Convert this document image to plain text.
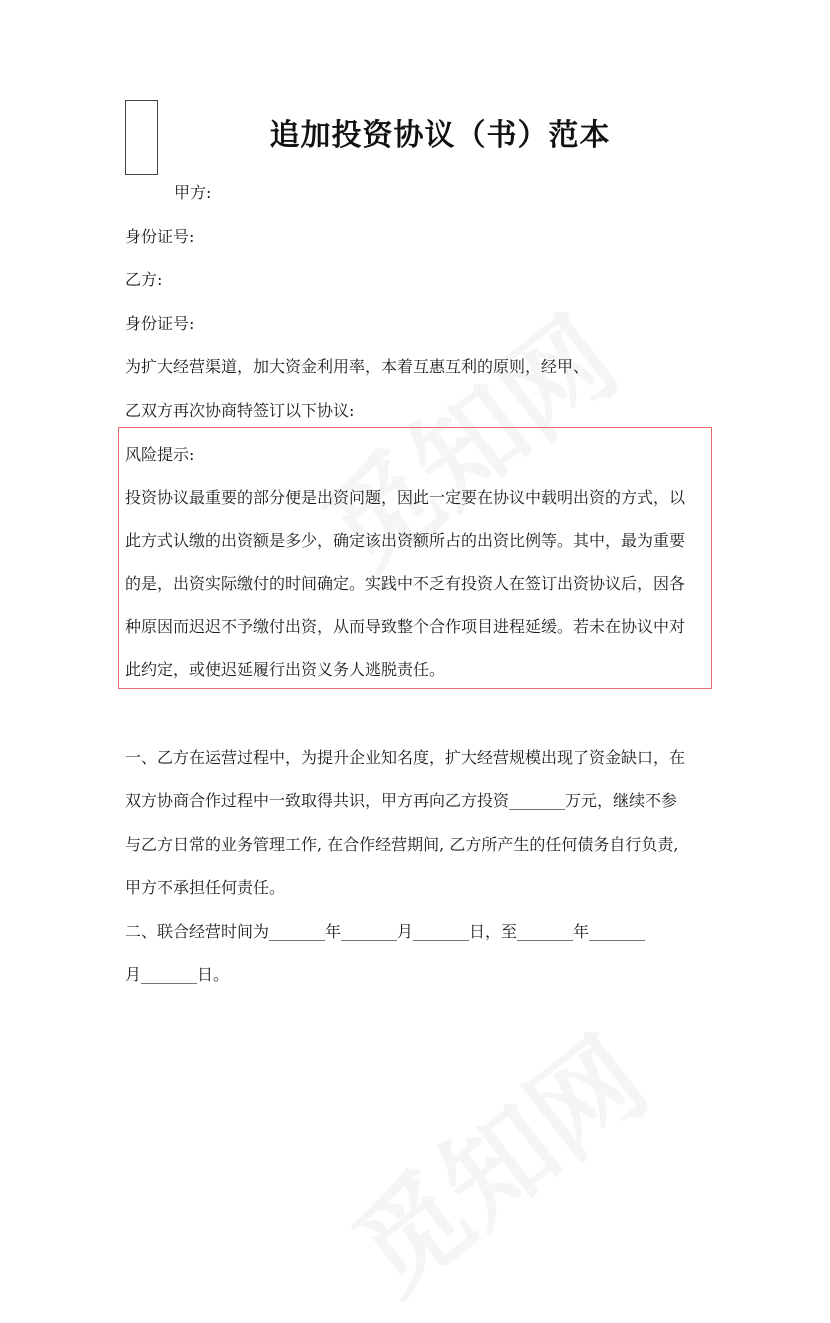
追加投资协议（书）范本
甲方:
身份证号:
乙方:
身份证号:
为扩大经营渠道，加大资金利用率，本着互惠互利的原则，经甲、
乙双方再次协商特签订以下协议:
风险提示:
投资协议最重要的部分便是出资问题，因此一定要在协议中载明出资的方式，以
此方式认缴的出资额是多少，确定该出资额所占的出资比例等。其中，最为重要
的是，出资实际缴付的时间确定。实践中不乏有投资人在签订出资协议后，因各
种原因而迟迟不予缴付出资，从而导致整个合作项目进程延缓。若未在协议中对
此约定，或使迟延履行出资义务人逃脱责任。
一、乙方在运营过程中，为提升企业知名度，扩大经营规模出现了资金缺口，在
双方协商合作过程中一致取得共识，甲方再向乙方投资_______万元，继续不参
与乙方日常的业务管理工作, 在合作经营期间, 乙方所产生的任何债务自行负责,
甲方不承担任何责任。
二、联合经营时间为_______年_______月_______日，至_______年_______
月_______日。
